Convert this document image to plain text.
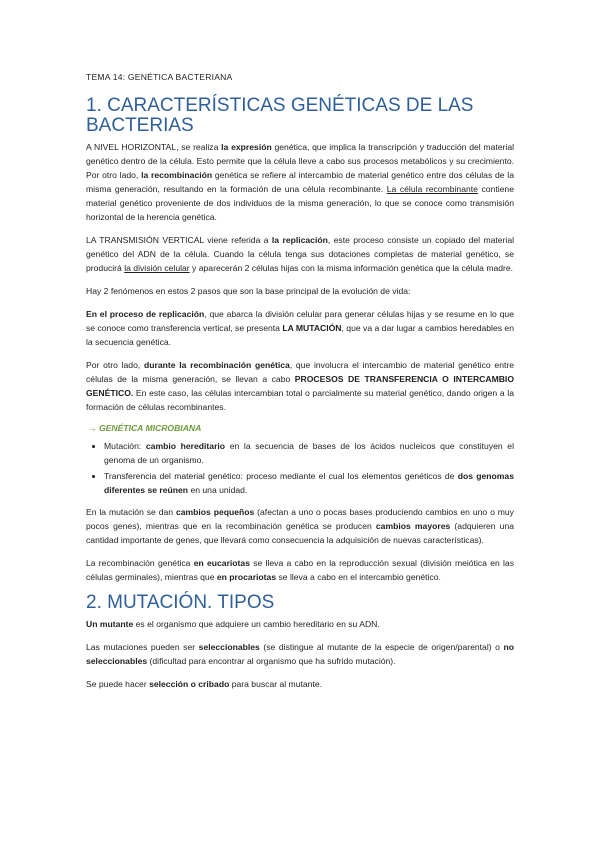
TEMA 14: GENÉTICA BACTERIANA
1. CARACTERÍSTICAS GENÉTICAS DE LAS BACTERIAS

A NIVEL HORIZONTAL, se realiza la expresión genética, que implica la transcripción y traducción del material genético dentro de la célula. Esto permite que la célula lleve a cabo sus procesos metabólicos y su crecimiento. Por otro lado, la recombinación genética se refiere al intercambio de material genético entre dos células de la misma generación, resultando en la formación de una célula recombinante. La célula recombinante contiene material genético proveniente de dos individuos de la misma generación, lo que se conoce como transmisión horizontal de la herencia genética.

LA TRANSMISIÓN VERTICAL viene referida a la replicación, este proceso consiste un copiado del material genético del ADN de la célula. Cuando la célula tenga sus dotaciones completas de material genético, se producirá la división celular y aparecerán 2 células hijas con la misma información genética que la célula madre.

Hay 2 fenómenos en estos 2 pasos que son la base principal de la evolución de vida:

En el proceso de replicación, que abarca la división celular para generar células hijas y se resume en lo que se conoce como transferencia vertical, se presenta LA MUTACIÓN, que va a dar lugar a cambios heredables en la secuencia genética.

Por otro lado, durante la recombinación genética, que involucra el intercambio de material genético entre células de la misma generación, se llevan a cabo PROCESOS DE TRANSFERENCIA O INTERCAMBIO GENÉTICO. En este caso, las células intercambian total o parcialmente su material genético, dando origen a la formación de células recombinantes.

→ GENÉTICA MICROBIANA
• Mutación: cambio hereditario en la secuencia de bases de los ácidos nucleicos que constituyen el genoma de un organismo.
• Transferencia del material genético: proceso mediante el cual los elementos genéticos de dos genomas diferentes se reúnen en una unidad.

En la mutación se dan cambios pequeños (afectan a uno o pocas bases produciendo cambios en uno o muy pocos genes), mientras que en la recombinación genética se producen cambios mayores (adquieren una cantidad importante de genes, que llevará como consecuencia la adquisición de nuevas características).

La recombinación genética en eucariotas se lleva a cabo en la reproducción sexual (división meiótica en las células germinales), mientras que en procariotas se lleva a cabo en el intercambio genético.

2. MUTACIÓN. TIPOS

Un mutante es el organismo que adquiere un cambio hereditario en su ADN.

Las mutaciones pueden ser seleccionables (se distingue al mutante de la especie de origen/parental) o no seleccionables (dificultad para encontrar al organismo que ha sufrido mutación).

Se puede hacer selección o cribado para buscar al mutante.
